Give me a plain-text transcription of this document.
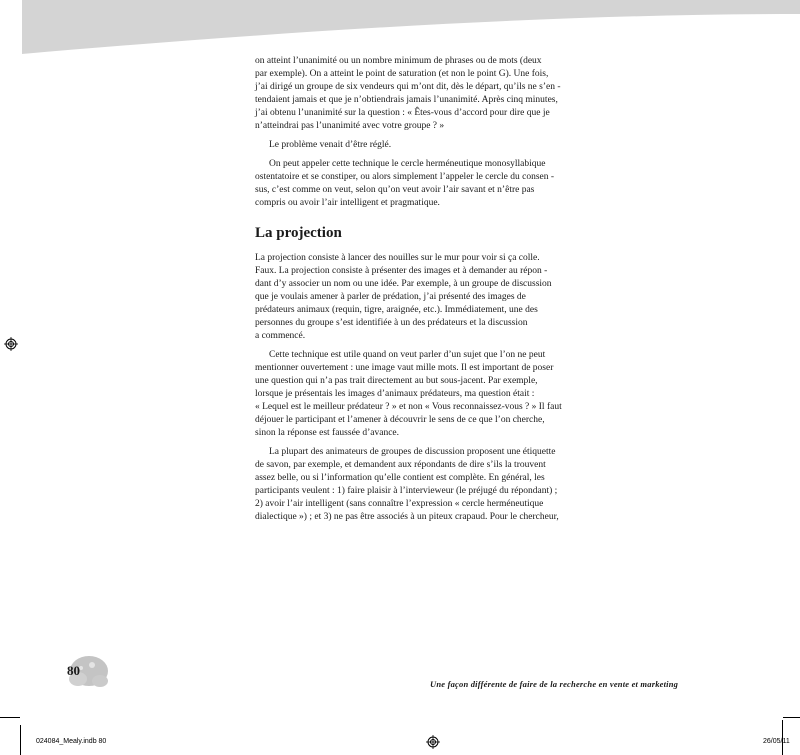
on atteint l’unanimité ou un nombre minimum de phrases ou de mots (deux
par exemple). On a atteint le point de saturation (et non le point G). Une fois,
j’ai dirigé un groupe de six vendeurs qui m’ont dit, dès le départ, qu’ils ne s’en -
tendaient jamais et que je n’obtiendrais jamais l’unanimité. Après cinq minutes,
j’ai obtenu l’unanimité sur la question : « Êtes-vous d’accord pour dire que je
n’atteindrai pas l’unanimité avec votre groupe ? »
Le problème venait d’être réglé.
On peut appeler cette technique le cercle herméneutique monosyllabique
ostentatoire et se constiper, ou alors simplement l’appeler le cercle du consen -
sus, c’est comme on veut, selon qu’on veut avoir l’air savant et n’être pas
compris ou avoir l’air intelligent et pragmatique.
La projection
La projection consiste à lancer des nouilles sur le mur pour voir si ça colle.
Faux. La projection consiste à présenter des images et à demander au répon -
dant d’y associer un nom ou une idée. Par exemple, à un groupe de discussion
que je voulais amener à parler de prédation, j’ai présenté des images de
prédateurs animaux (requin, tigre, araignée, etc.). Immédiatement, une des
personnes du groupe s’est identifiée à un des prédateurs et la discussion
a commencé.
Cette technique est utile quand on veut parler d’un sujet que l’on ne peut
mentionner ouvertement : une image vaut mille mots. Il est important de poser
une question qui n’a pas trait directement au but sous-jacent. Par exemple,
lorsque je présentais les images d’animaux prédateurs, ma question était :
« Lequel est le meilleur prédateur ? » et non « Vous reconnaissez-vous ? » Il faut
déjouer le participant et l’amener à découvrir le sens de ce que l’on cherche,
sinon la réponse est faussée d’avance.
La plupart des animateurs de groupes de discussion proposent une étiquette
de savon, par exemple, et demandent aux répondants de dire s’ils la trouvent
assez belle, ou si l’information qu’elle contient est complète. En général, les
participants veulent : 1) faire plaisir à l’intervieweur (le préjugé du répondant) ;
2) avoir l’air intelligent (sans connaître l’expression « cercle herméneutique
dialectique ») ; et 3) ne pas être associés à un piteux crapaud. Pour le chercheur,
80
Une façon différente de faire de la recherche en vente et marketing
024084_Mealy.indb 80	26/05/11
